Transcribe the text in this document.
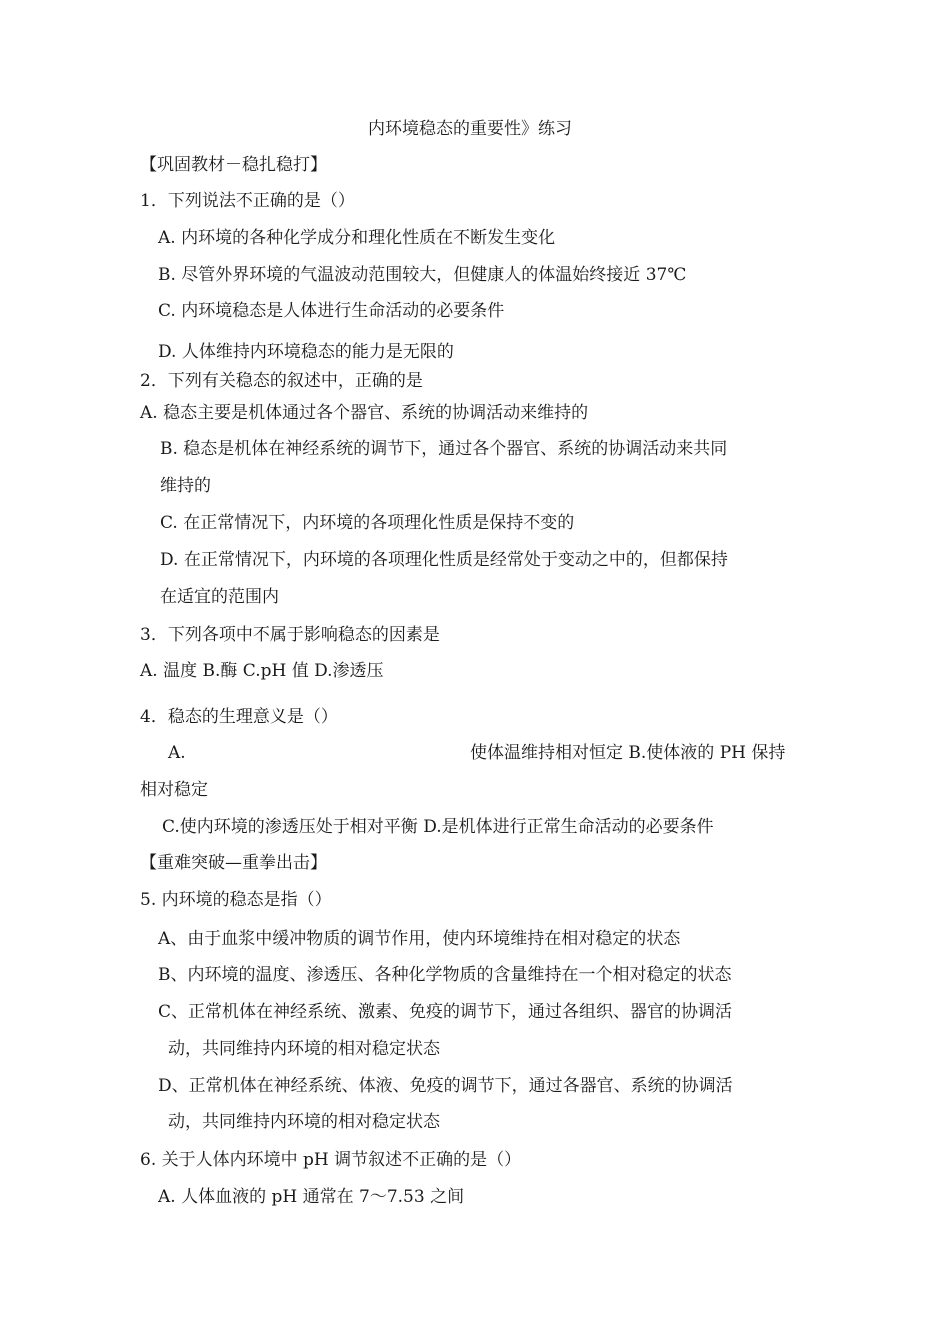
内环境稳态的重要性》练习
【巩固教材－稳扎稳打】
1．下列说法不正确的是（）
A. 内环境的各种化学成分和理化性质在不断发生变化
B. 尽管外界环境的气温波动范围较大，但健康人的体温始终接近 37℃
C. 内环境稳态是人体进行生命活动的必要条件
D. 人体维持内环境稳态的能力是无限的
2．下列有关稳态的叙述中，正确的是
A. 稳态主要是机体通过各个器官、系统的协调活动来维持的
B. 稳态是机体在神经系统的调节下，通过各个器官、系统的协调活动来共同
维持的
C. 在正常情况下，内环境的各项理化性质是保持不变的
D. 在正常情况下，内环境的各项理化性质是经常处于变动之中的，但都保持
在适宜的范围内
3．下列各项中不属于影响稳态的因素是
A. 温度 B.酶 C.pH 值 D.渗透压
4．稳态的生理意义是（）
A.	使体温维持相对恒定 B.使体液的 PH 保持
相对稳定
C.使内环境的渗透压处于相对平衡 D.是机体进行正常生命活动的必要条件
【重难突破—重拳出击】
5. 内环境的稳态是指（）
A、由于血浆中缓冲物质的调节作用，使内环境维持在相对稳定的状态
B、内环境的温度、渗透压、各种化学物质的含量维持在一个相对稳定的状态
C、正常机体在神经系统、激素、免疫的调节下，通过各组织、器官的协调活
动，共同维持内环境的相对稳定状态
D、正常机体在神经系统、体液、免疫的调节下，通过各器官、系统的协调活
动，共同维持内环境的相对稳定状态
6. 关于人体内环境中 pH 调节叙述不正确的是（）
A. 人体血液的 pH 通常在 7～7.53 之间
